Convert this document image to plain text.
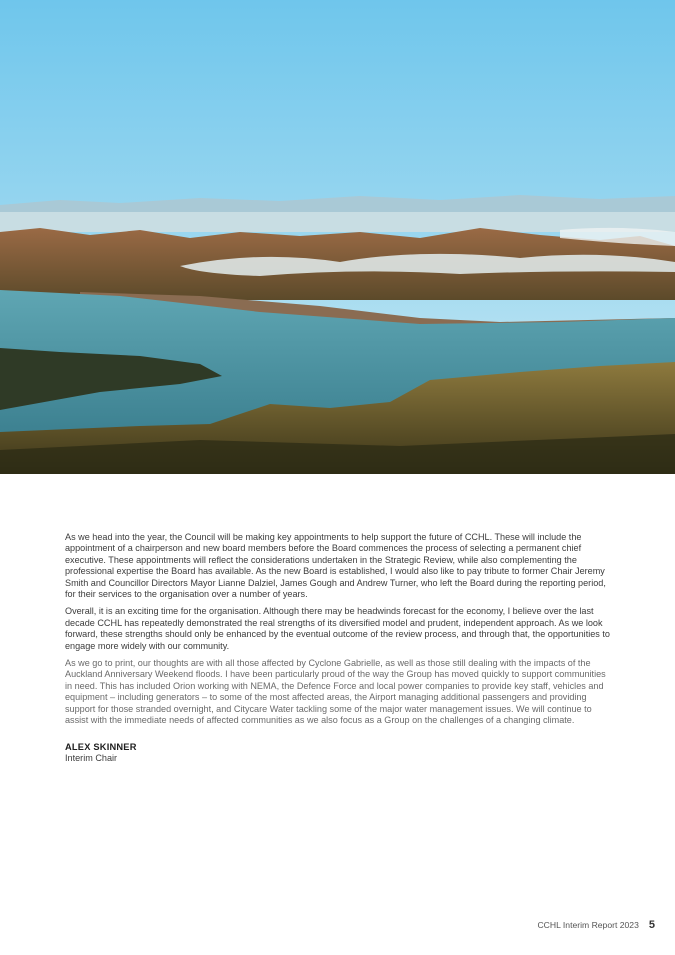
As we head into the year, the Council will be making key appointments to help support the future of CCHL. These will include the appointment of a chairperson and new board members before the Board commences the process of selecting a permanent chief executive. These appointments will reflect the considerations undertaken in the Strategic Review, while also complementing the professional expertise the Board has available. As the new Board is established, I would also like to pay tribute to former Chair Jeremy Smith and Councillor Directors Mayor Lianne Dalziel, James Gough and Andrew Turner, who left the Board during the reporting period, for their services to the organisation over a number of years.

Overall, it is an exciting time for the organisation. Although there may be headwinds forecast for the economy, I believe over the last decade CCHL has repeatedly demonstrated the real strengths of its diversified model and prudent, independent approach. As we look forward, these strengths should only be enhanced by the eventual outcome of the review process, and through that, the opportunities to engage more widely with our community.

As we go to print, our thoughts are with all those affected by Cyclone Gabrielle, as well as those still dealing with the impacts of the Auckland Anniversary Weekend floods. I have been particularly proud of the way the Group has moved quickly to support communities in need. This has included Orion working with NEMA, the Defence Force and local power companies to provide key staff, vehicles and equipment – including generators – to some of the most affected areas, the Airport managing additional passengers and providing support for those stranded overnight, and Citycare Water tackling some of the major water management issues. We will continue to assist with the immediate needs of affected communities as we also focus as a Group on the challenges of a changing climate.

ALEX SKINNER
Interim Chair
CCHL Interim Report 2023 5
